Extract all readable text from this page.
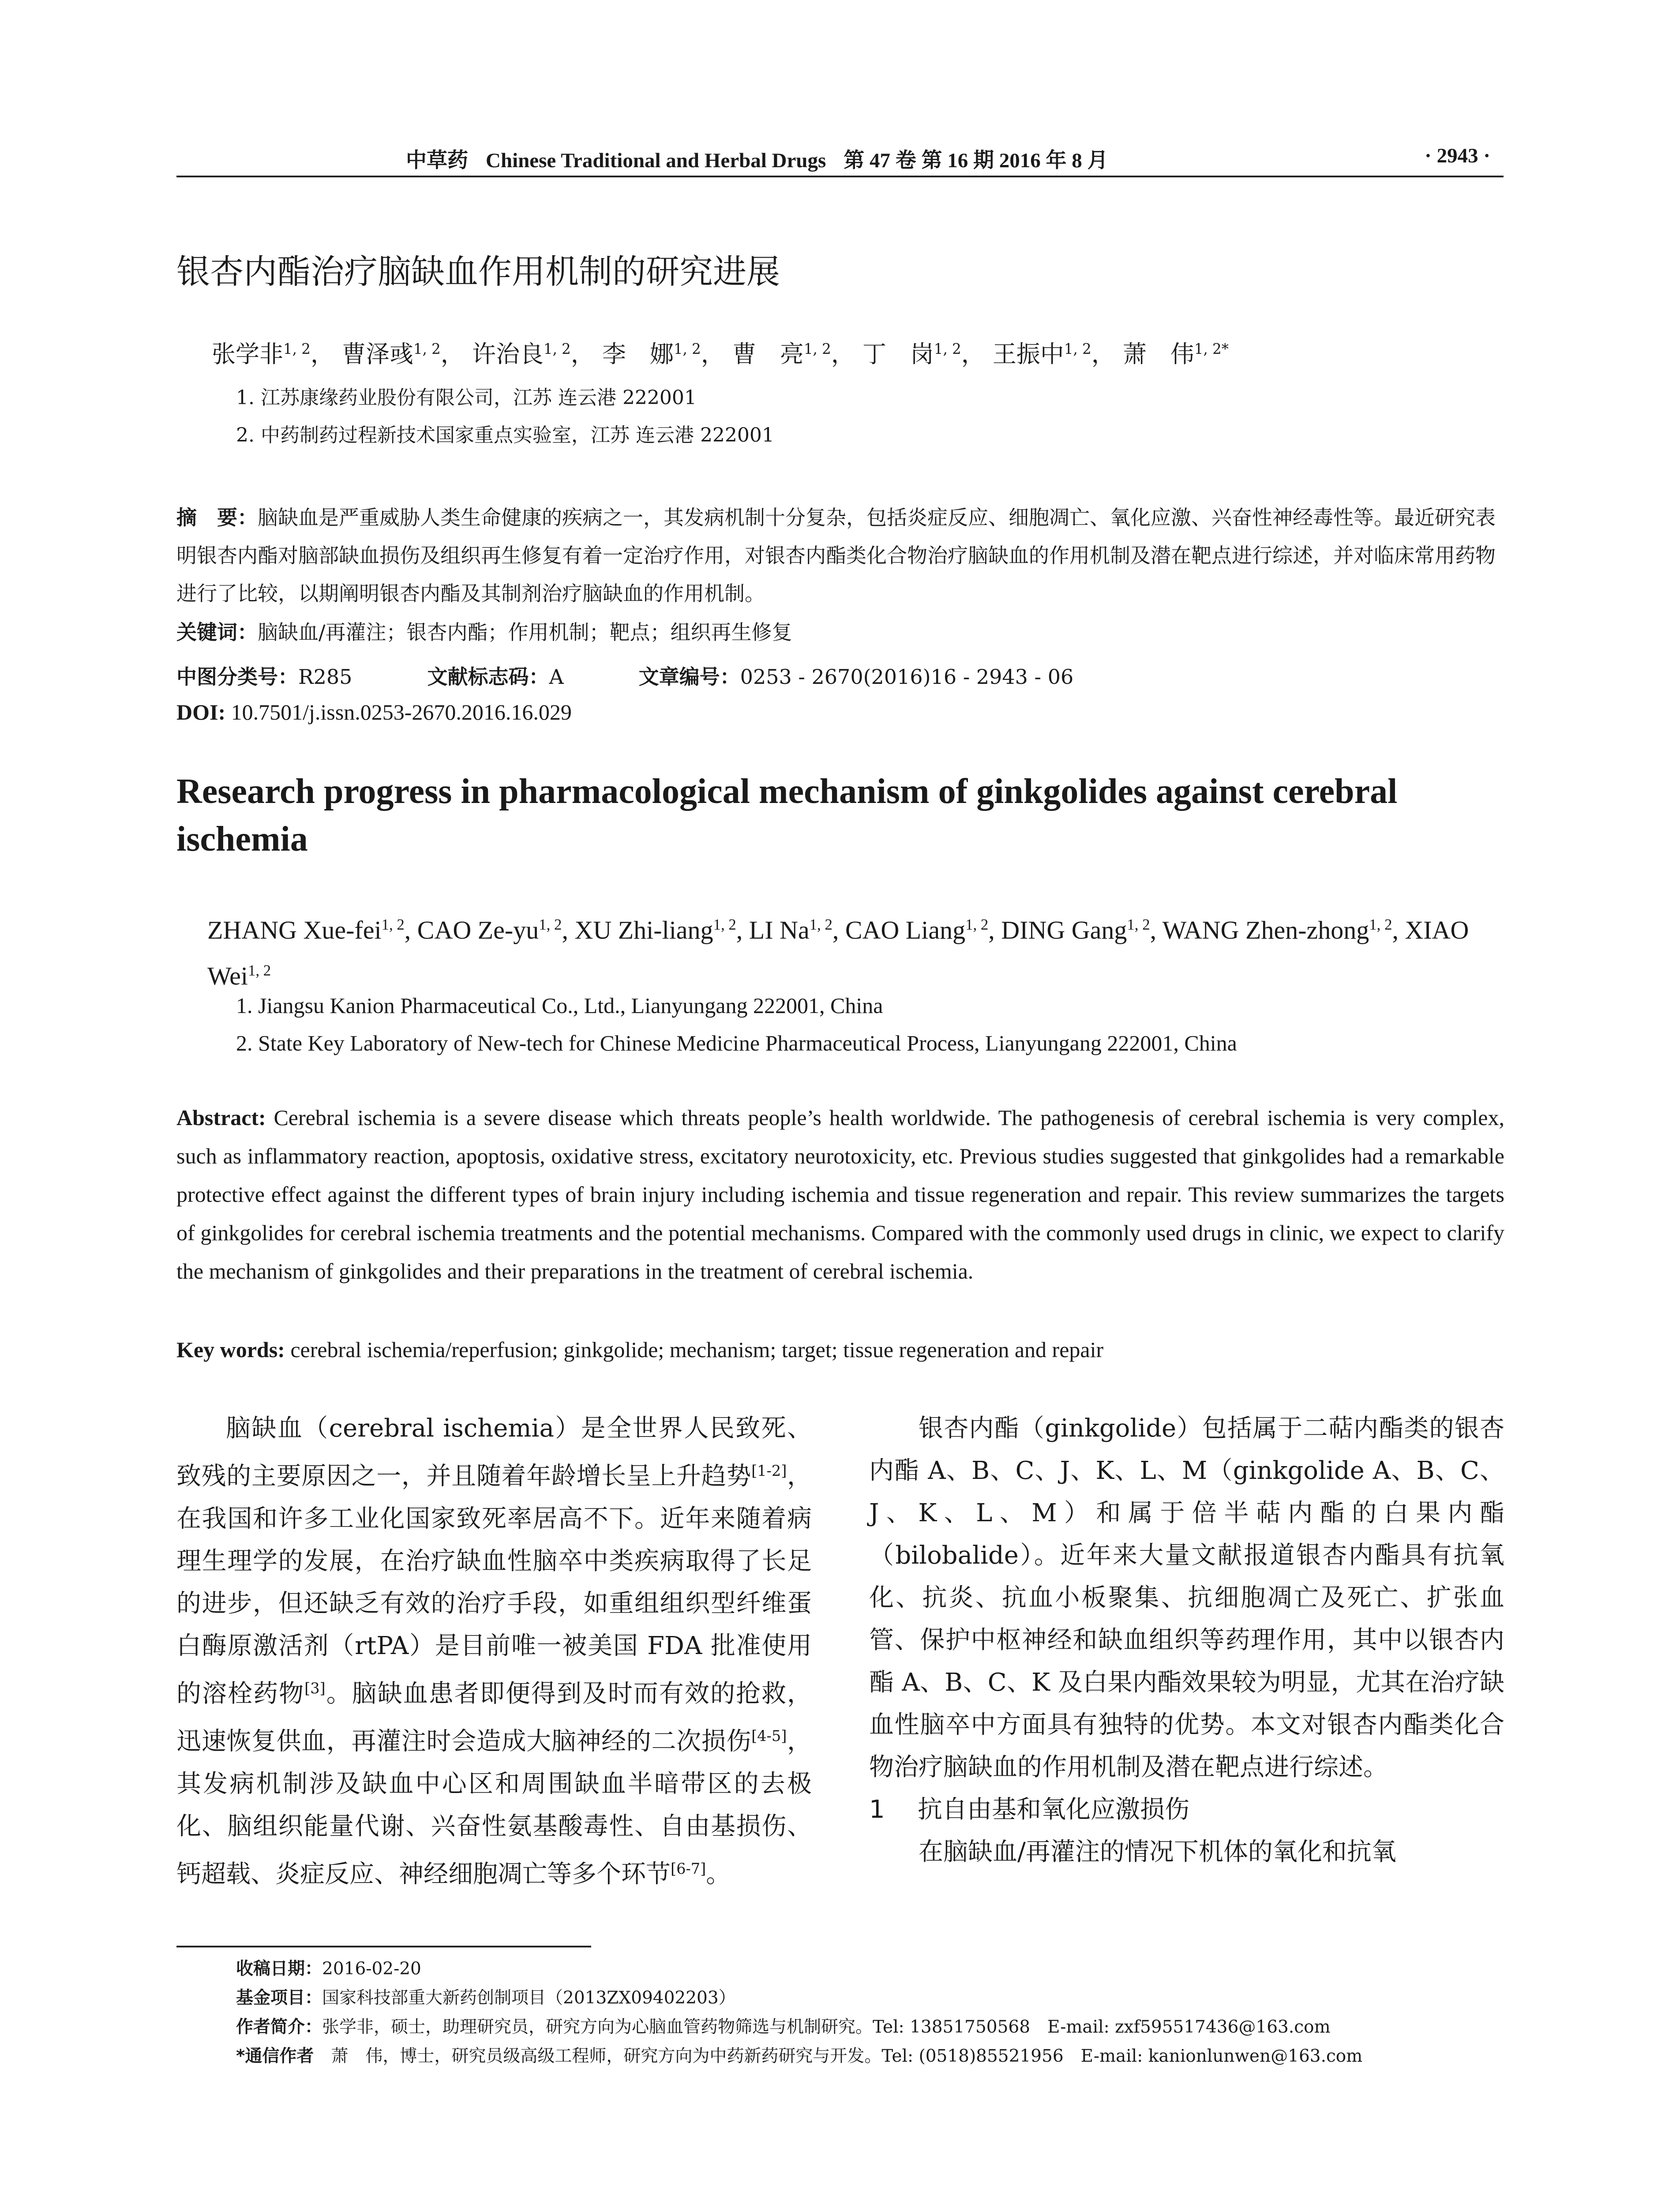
中草药 Chinese Traditional and Herbal Drugs 第 47 卷 第 16 期 2016 年 8 月	· 2943 ·
银杏内酯治疗脑缺血作用机制的研究进展
张学非$^{1, 2}$， 曹泽彧$^{1, 2}$， 许治良$^{1, 2}$， 李　娜$^{1, 2}$， 曹　亮$^{1, 2}$， 丁　岗$^{1, 2}$， 王振中$^{1, 2}$， 萧　伟$^{1, 2*}$
1. 江苏康缘药业股份有限公司，江苏 连云港 222001
2. 中药制药过程新技术国家重点实验室，江苏 连云港 222001
摘　要：脑缺血是严重威胁人类生命健康的疾病之一，其发病机制十分复杂，包括炎症反应、细胞凋亡、氧化应激、兴奋性神经毒性等。最近研究表明银杏内酯对脑部缺血损伤及组织再生修复有着一定治疗作用，对银杏内酯类化合物治疗脑缺血的作用机制及潜在靶点进行综述，并对临床常用药物进行了比较，以期阐明银杏内酯及其制剂治疗脑缺血的作用机制。
关键词：脑缺血/再灌注；银杏内酯；作用机制；靶点；组织再生修复
中图分类号：R285	文献标志码：A	文章编号：0253 - 2670(2016)16 - 2943 - 06
DOI: 10.7501/j.issn.0253-2670.2016.16.029
Research progress in pharmacological mechanism of ginkgolides against cerebral ischemia
ZHANG Xue-fei$^{1, 2}$, CAO Ze-yu$^{1, 2}$, XU Zhi-liang$^{1, 2}$, LI Na$^{1, 2}$, CAO Liang$^{1, 2}$, DING Gang$^{1, 2}$, WANG Zhen-zhong$^{1, 2}$, XIAO Wei$^{1, 2}$
1. Jiangsu Kanion Pharmaceutical Co., Ltd., Lianyungang 222001, China
2. State Key Laboratory of New-tech for Chinese Medicine Pharmaceutical Process, Lianyungang 222001, China
Abstract: Cerebral ischemia is a severe disease which threats people’s health worldwide. The pathogenesis of cerebral ischemia is very complex, such as inflammatory reaction, apoptosis, oxidative stress, excitatory neurotoxicity, etc. Previous studies suggested that ginkgolides had a remarkable protective effect against the different types of brain injury including ischemia and tissue regeneration and repair. This review summarizes the targets of ginkgolides for cerebral ischemia treatments and the potential mechanisms. Compared with the commonly used drugs in clinic, we expect to clarify the mechanism of ginkgolides and their preparations in the treatment of cerebral ischemia.
Key words: cerebral ischemia/reperfusion; ginkgolide; mechanism; target; tissue regeneration and repair

脑缺血（cerebral ischemia）是全世界人民致死、致残的主要原因之一，并且随着年龄增长呈上升趋势[1-2]，在我国和许多工业化国家致死率居高不下。近年来随着病理生理学的发展，在治疗缺血性脑卒中类疾病取得了长足的进步，但还缺乏有效的治疗手段，如重组组织型纤维蛋白酶原激活剂（rtPA）是目前唯一被美国 FDA 批准使用的溶栓药物[3]。脑缺血患者即便得到及时而有效的抢救，迅速恢复供血，再灌注时会造成大脑神经的二次损伤[4-5]，其发病机制涉及缺血中心区和周围缺血半暗带区的去极化、脑组织能量代谢、兴奋性氨基酸毒性、自由基损伤、钙超载、炎症反应、神经细胞凋亡等多个环节[6-7]。

银杏内酯（ginkgolide）包括属于二萜内酯类的银杏内酯 A、B、C、J、K、L、M（ginkgolide A、B、C、J、K、L、M）和属于倍半萜内酯的白果内酯（bilobalide）。近年来大量文献报道银杏内酯具有抗氧化、抗炎、抗血小板聚集、抗细胞凋亡及死亡、扩张血管、保护中枢神经和缺血组织等药理作用，其中以银杏内酯 A、B、C、K 及白果内酯效果较为明显，尤其在治疗缺血性脑卒中方面具有独特的优势。本文对银杏内酯类化合物治疗脑缺血的作用机制及潜在靶点进行综述。

1 抗自由基和氧化应激损伤

在脑缺血/再灌注的情况下机体的氧化和抗氧

收稿日期：2016-02-20
基金项目：国家科技部重大新药创制项目（2013ZX09402203）
作者简介：张学非，硕士，助理研究员，研究方向为心脑血管药物筛选与机制研究。Tel: 13851750568　E-mail: zxf595517436@163.com
*通信作者　 萧　伟，博士，研究员级高级工程师，研究方向为中药新药研究与开发。Tel: (0518)85521956　E-mail: kanionlunwen@163.com
